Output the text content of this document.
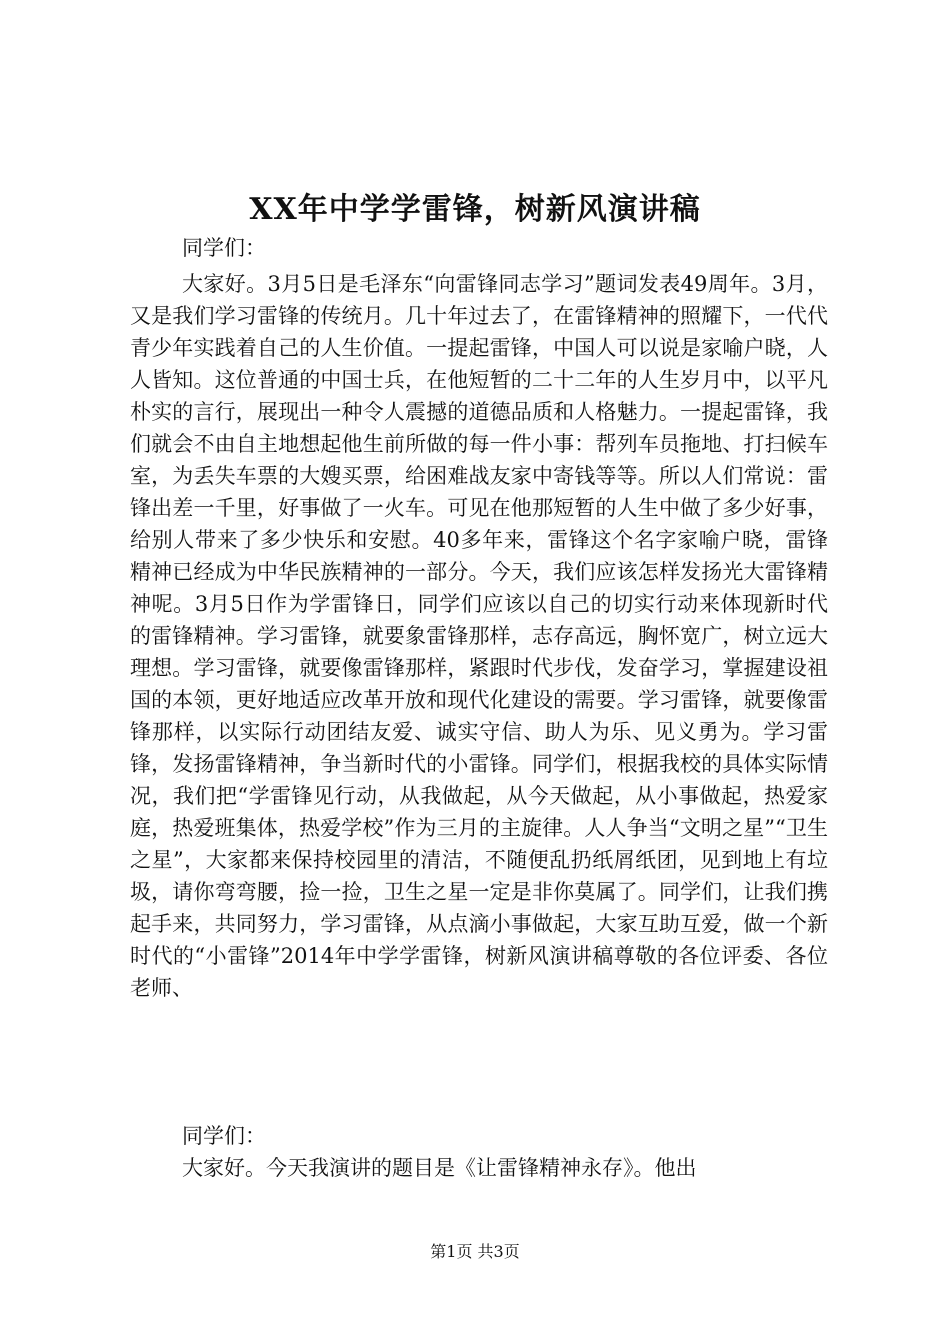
XX年中学学雷锋，树新风演讲稿

同学们：

大家好。3月5日是毛泽东“向雷锋同志学习”题词发表49周年。3月，又是我们学习雷锋的传统月。几十年过去了，在雷锋精神的照耀下，一代代青少年实践着自己的人生价值。一提起雷锋，中国人可以说是家喻户晓，人人皆知。这位普通的中国士兵，在他短暂的二十二年的人生岁月中，以平凡朴实的言行，展现出一种令人震撼的道德品质和人格魅力。一提起雷锋，我们就会不由自主地想起他生前所做的每一件小事：帮列车员拖地、打扫候车室，为丢失车票的大嫂买票，给困难战友家中寄钱等等。所以人们常说：雷锋出差一千里，好事做了一火车。可见在他那短暂的人生中做了多少好事，给别人带来了多少快乐和安慰。40多年来，雷锋这个名字家喻户晓，雷锋精神已经成为中华民族精神的一部分。今天，我们应该怎样发扬光大雷锋精神呢。3月5日作为学雷锋日，同学们应该以自己的切实行动来体现新时代的雷锋精神。学习雷锋，就要象雷锋那样，志存高远，胸怀宽广，树立远大理想。学习雷锋，就要像雷锋那样，紧跟时代步伐，发奋学习，掌握建设祖国的本领，更好地适应改革开放和现代化建设的需要。学习雷锋，就要像雷锋那样，以实际行动团结友爱、诚实守信、助人为乐、见义勇为。学习雷锋，发扬雷锋精神，争当新时代的小雷锋。同学们，根据我校的具体实际情况，我们把“学雷锋见行动，从我做起，从今天做起，从小事做起，热爱家庭，热爱班集体，热爱学校”作为三月的主旋律。人人争当“文明之星”“卫生之星”，大家都来保持校园里的清洁，不随便乱扔纸屑纸团，见到地上有垃圾，请你弯弯腰，捡一捡，卫生之星一定是非你莫属了。同学们，让我们携起手来，共同努力，学习雷锋，从点滴小事做起，大家互助互爱，做一个新时代的“小雷锋”2014年中学学雷锋，树新风演讲稿尊敬的各位评委、各位老师、

同学们：

大家好。今天我演讲的题目是《让雷锋精神永存》。他出

第1页 共3页
